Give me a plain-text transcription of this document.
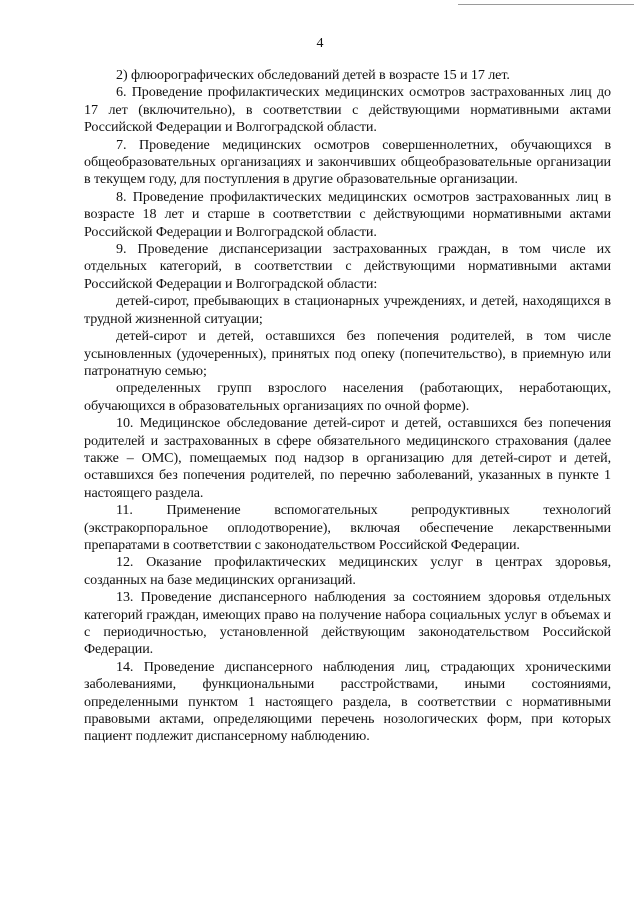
4

2) флюорографических обследований детей в возрасте 15 и 17 лет.

6. Проведение профилактических медицинских осмотров застрахованных лиц до 17 лет (включительно), в соответствии с действующими нормативными актами Российской Федерации и Волгоградской области.

7. Проведение медицинских осмотров совершеннолетних, обучающихся в общеобразовательных организациях и закончивших общеобразовательные организации в текущем году, для поступления в другие образовательные организации.

8. Проведение профилактических медицинских осмотров застрахованных лиц в возрасте 18 лет и старше в соответствии с действующими нормативными актами Российской Федерации и Волгоградской области.

9. Проведение диспансеризации застрахованных граждан, в том числе их отдельных категорий, в соответствии с действующими нормативными актами Российской Федерации и Волгоградской области:

детей-сирот, пребывающих в стационарных учреждениях, и детей, находящихся в трудной жизненной ситуации;

детей-сирот и детей, оставшихся без попечения родителей, в том числе усыновленных (удочеренных), принятых под опеку (попечительство), в приемную или патронатную семью;

определенных групп взрослого населения (работающих, неработающих, обучающихся в образовательных организациях по очной форме).

10. Медицинское обследование детей-сирот и детей, оставшихся без попечения родителей и застрахованных в сфере обязательного медицинского страхования (далее также – ОМС), помещаемых под надзор в организацию для детей-сирот и детей, оставшихся без попечения родителей, по перечню заболеваний, указанных в пункте 1 настоящего раздела.

11. Применение вспомогательных репродуктивных технологий (экстракорпоральное оплодотворение), включая обеспечение лекарственными препаратами в соответствии с законодательством Российской Федерации.

12. Оказание профилактических медицинских услуг в центрах здоровья, созданных на базе медицинских организаций.

13. Проведение диспансерного наблюдения за состоянием здоровья отдельных категорий граждан, имеющих право на получение набора социальных услуг в объемах и с периодичностью, установленной действующим законодательством Российской Федерации.

14. Проведение диспансерного наблюдения лиц, страдающих хроническими заболеваниями, функциональными расстройствами, иными состояниями, определенными пунктом 1 настоящего раздела, в соответствии с нормативными правовыми актами, определяющими перечень нозологических форм, при которых пациент подлежит диспансерному наблюдению.
